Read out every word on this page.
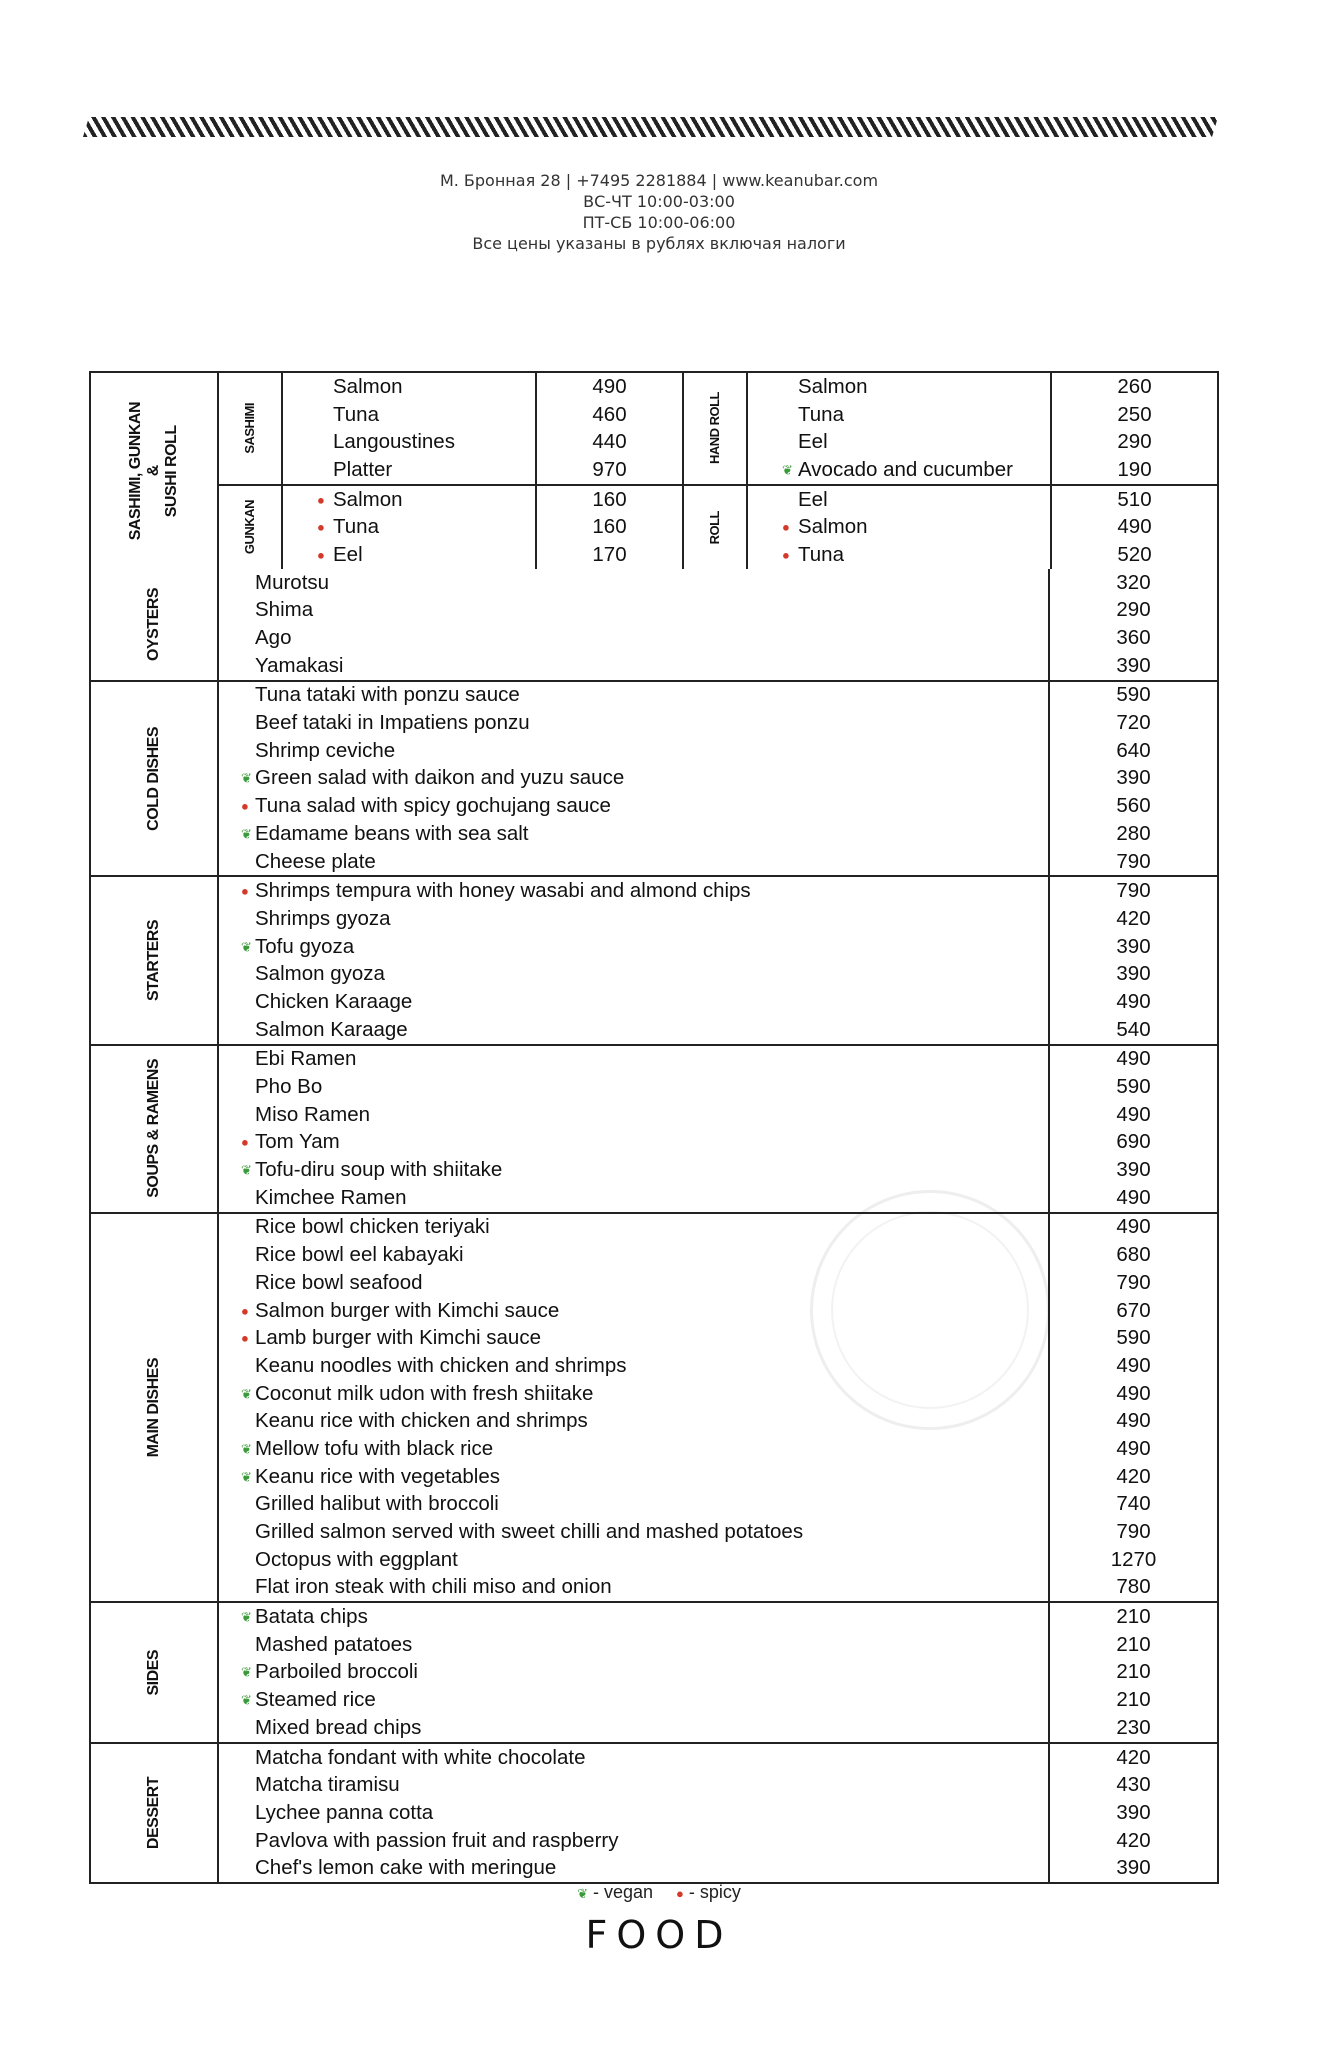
М. Бронная 28 | +7495 2281884 | www.keanubar.com
ВС-ЧТ 10:00-03:00
ПТ-СБ 10:00-06:00
Все цены указаны в рублях включая налоги
SASHIMI, GUNKAN
&
SUSHI ROLL	SASHIMI
Salmon	490
Tuna	460
Langoustines	440
Platter	970
GUNKAN
● Salmon	160
● Tuna	160
● Eel	170
HAND ROLL
Salmon	260
Tuna	250
Eel	290
❦ Avocado and cucumber	190
ROLL
Eel	510
● Salmon	490
● Tuna	520
OYSTERS
Murotsu	320
Shima	290
Ago	360
Yamakasi	390
COLD DISHES
Tuna tataki with ponzu sauce	590
Beef tataki in Impatiens ponzu	720
Shrimp ceviche	640
❦ Green salad with daikon and yuzu sauce	390
● Tuna salad with spicy gochujang sauce	560
❦ Edamame beans with sea salt	280
Cheese plate	790
STARTERS
● Shrimps tempura with honey wasabi and almond chips	790
Shrimps gyoza	420
❦ Tofu gyoza	390
Salmon gyoza	390
Chicken Karaage	490
Salmon Karaage	540
SOUPS & RAMENS
Ebi Ramen	490
Pho Bo	590
Miso Ramen	490
● Tom Yam	690
❦ Tofu-diru soup with shiitake	390
Kimchee Ramen	490
MAIN DISHES
Rice bowl chicken teriyaki	490
Rice bowl eel kabayaki	680
Rice bowl seafood	790
● Salmon burger with Kimchi sauce	670
● Lamb burger with Kimchi sauce	590
Keanu noodles with chicken and shrimps	490
❦ Coconut milk udon with fresh shiitake	490
Keanu rice with chicken and shrimps	490
❦ Mellow tofu with black rice	490
❦ Keanu rice with vegetables	420
Grilled halibut with broccoli	740
Grilled salmon served with sweet chilli and mashed potatoes	790
Octopus with eggplant	1270
Flat iron steak with chili miso and onion	780
SIDES
❦ Batata chips	210
Mashed patatoes	210
❦ Parboiled broccoli	210
❦ Steamed rice	210
Mixed bread chips	230
DESSERT
Matcha fondant with white chocolate	420
Matcha tiramisu	430
Lychee panna cotta	390
Pavlova with passion fruit and raspberry	420
Chef's lemon cake with meringue	390
❦ - vegan ● - spicy
FOOD
